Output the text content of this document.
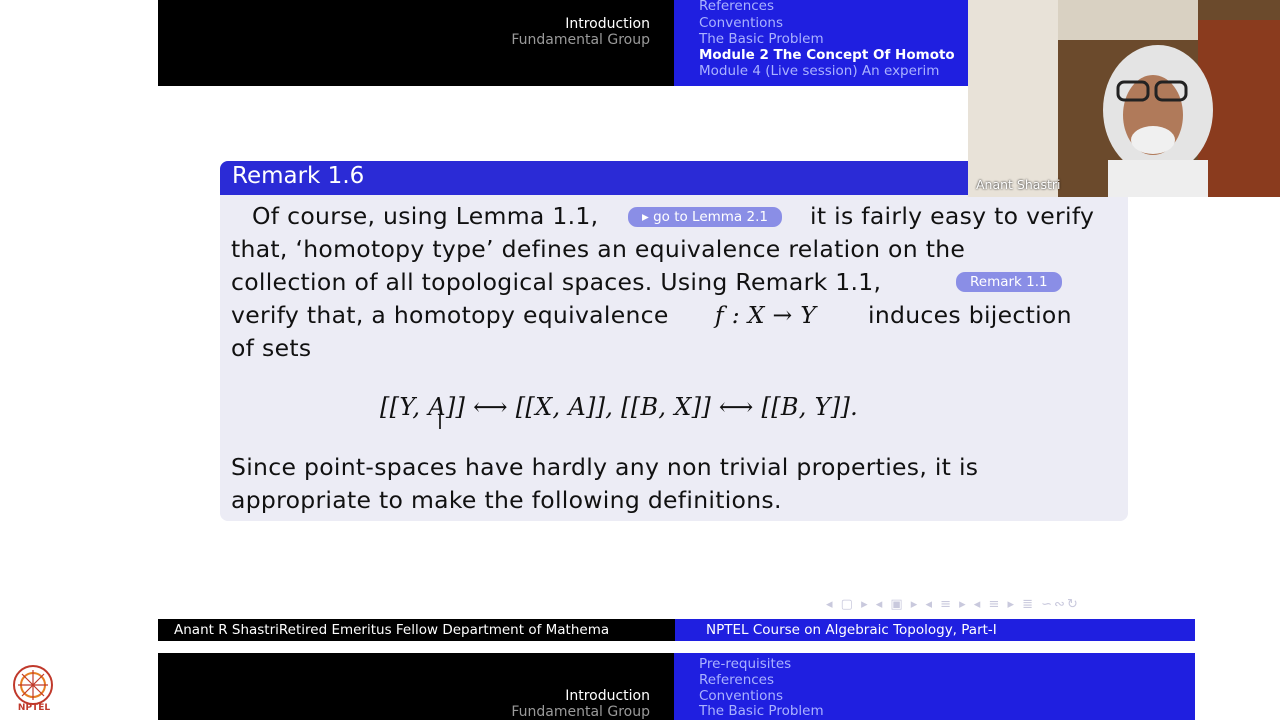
Introduction
Fundamental Group
References
Conventions
The Basic Problem
Module 2 The Concept Of Homoto
Module 4 (Live session) An experim
Remark 1.6
Of course, using Lemma 1.1,	▸ go to Lemma 2.1	it is fairly easy to verify
that, ‘homotopy type’ defines an equivalence relation on the
collection of all topological spaces. Using Remark 1.1,	Remark 1.1
verify that, a homotopy equivalence f : X → Y induces bijection
of sets
[[Y, A]] ⟷ [[X, A]], [[B, X]] ⟷ [[B, Y]].
Since point-spaces have hardly any non trivial properties, it is
appropriate to make the following definitions.
Anant Shastri
◂ ▢ ▸ ◂ ▣ ▸ ◂ ≡ ▸ ◂ ≡ ▸ ≣ ∽∾↻
Anant R ShastriRetired Emeritus Fellow Department of Mathema	NPTEL Course on Algebraic Topology, Part-I
Introduction
Fundamental Group
Pre-requisites
References
Conventions
The Basic Problem
NPTEL
